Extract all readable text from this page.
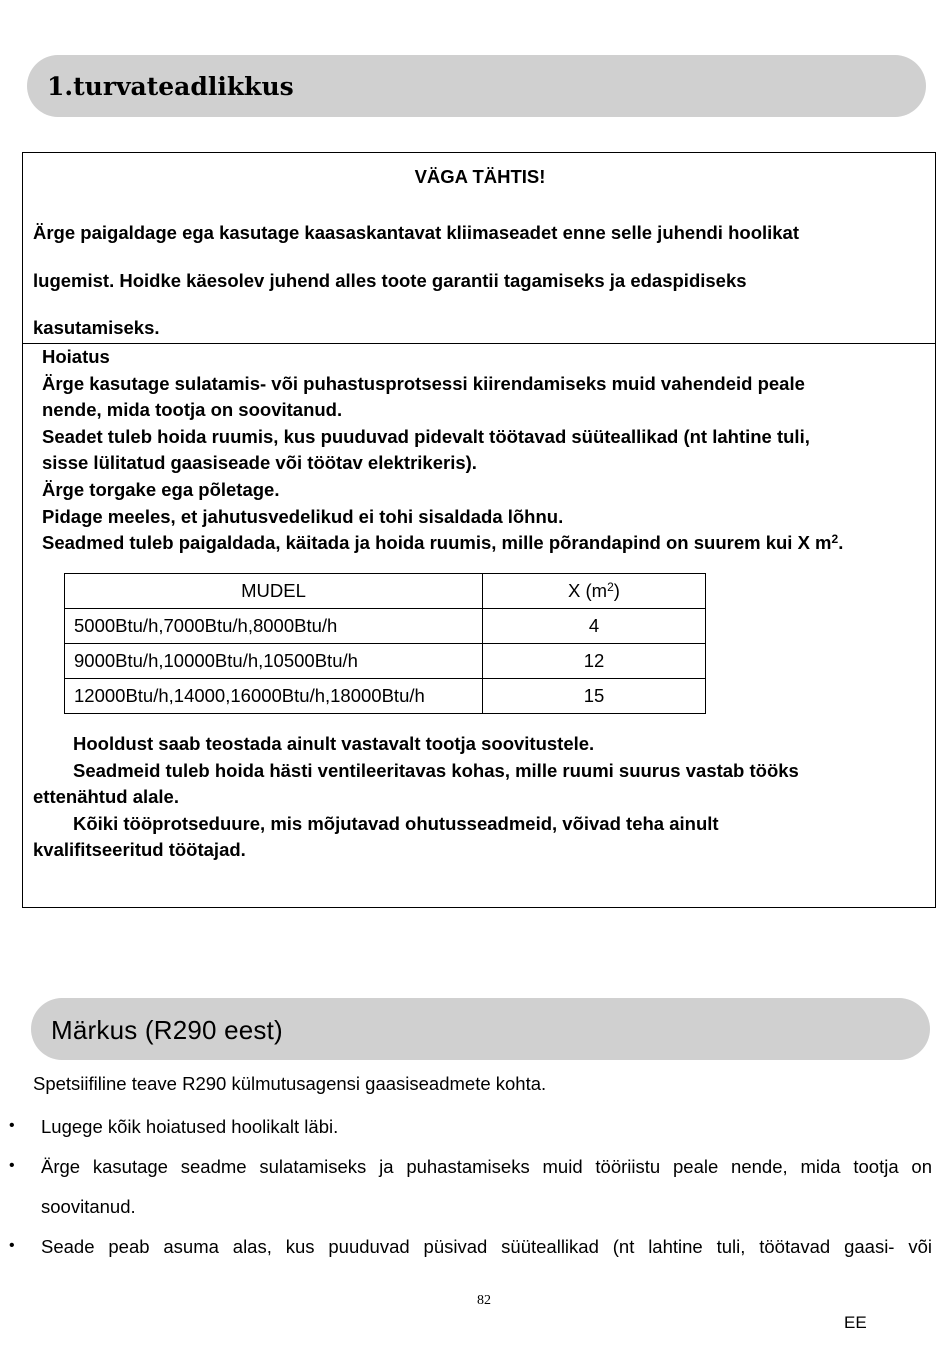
1.turvateadlikkus
VÄGA TÄHTIS!
Ärge paigaldage ega kasutage kaasaskantavat kliimaseadet enne selle juhendi hoolikat
lugemist. Hoidke käesolev juhend alles toote garantii tagamiseks ja edaspidiseks
kasutamiseks.
Hoiatus
Ärge kasutage sulatamis- või puhastusprotsessi kiirendamiseks muid vahendeid peale
nende, mida tootja on soovitanud.
Seadet tuleb hoida ruumis, kus puuduvad pidevalt töötavad süüteallikad (nt lahtine tuli,
sisse lülitatud gaasiseade või töötav elektrikeris).
Ärge torgake ega põletage.
Pidage meeles, et jahutusvedelikud ei tohi sisaldada lõhnu.
Seadmed tuleb paigaldada, käitada ja hoida ruumis, mille põrandapind on suurem kui X $m^2$.
MUDEL	X $(m^2)$
5000Btu/h,7000Btu/h,8000Btu/h	4
9000Btu/h,10000Btu/h,10500Btu/h	12
12000Btu/h,14000,16000Btu/h,18000Btu/h	15
Hooldust saab teostada ainult vastavalt tootja soovitustele.
Seadmeid tuleb hoida hästi ventileeritavas kohas, mille ruumi suurus vastab tööks
ettenähtud alale.
Kõiki tööprotseduure, mis mõjutavad ohutusseadmeid, võivad teha ainult
kvalifitseeritud töötajad.
Märkus (R290 eest)
Spetsiifiline teave R290 külmutusagensi gaasiseadmete kohta.
• Lugege kõik hoiatused hoolikalt läbi.
• Ärge kasutage seadme sulatamiseks ja puhastamiseks muid tööriistu peale nende, mida tootja on soovitanud.
• Seade peab asuma alas, kus puuduvad püsivad süüteallikad (nt lahtine tuli, töötavad gaasi- või
82
EE
